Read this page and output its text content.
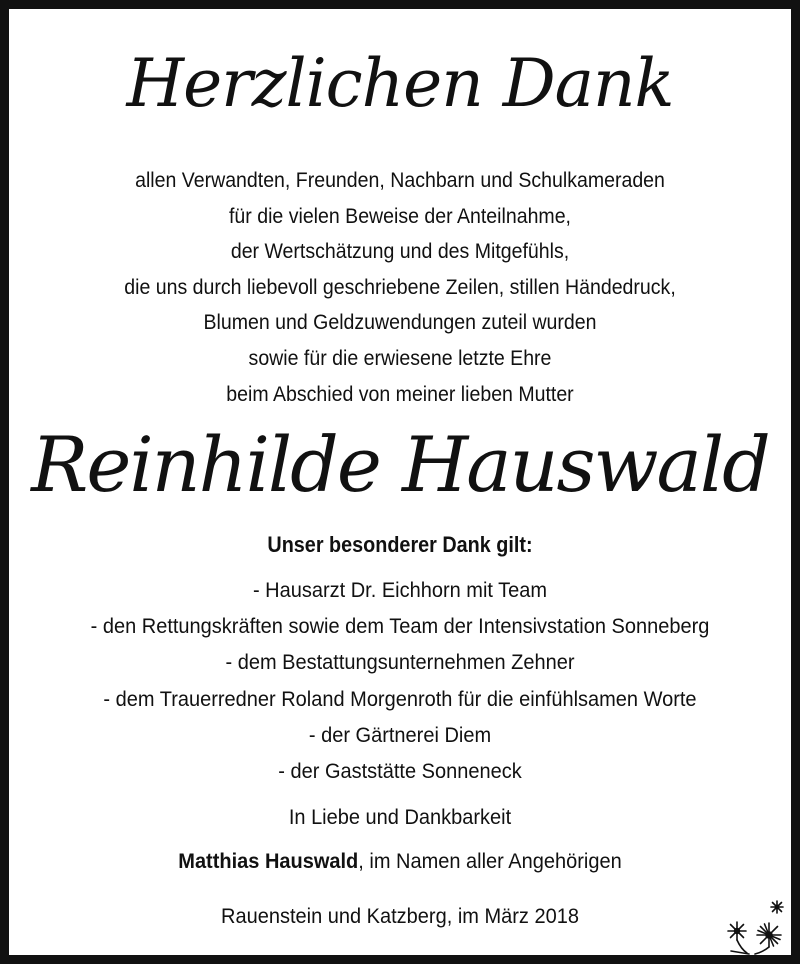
Herzlichen Dank
allen Verwandten, Freunden, Nachbarn und Schulkameraden
für die vielen Beweise der Anteilnahme,
der Wertschätzung und des Mitgefühls,
die uns durch liebevoll geschriebene Zeilen, stillen Händedruck,
Blumen und Geldzuwendungen zuteil wurden
sowie für die erwiesene letzte Ehre
beim Abschied von meiner lieben Mutter
Reinhilde Hauswald
Unser besonderer Dank gilt:
- Hausarzt Dr. Eichhorn mit Team
- den Rettungskräften sowie dem Team der Intensivstation Sonneberg
- dem Bestattungsunternehmen Zehner
- dem Trauerredner Roland Morgenroth für die einfühlsamen Worte
- der Gärtnerei Diem
- der Gaststätte Sonneneck
In Liebe und Dankbarkeit
Matthias Hauswald, im Namen aller Angehörigen
Rauenstein und Katzberg, im März 2018
